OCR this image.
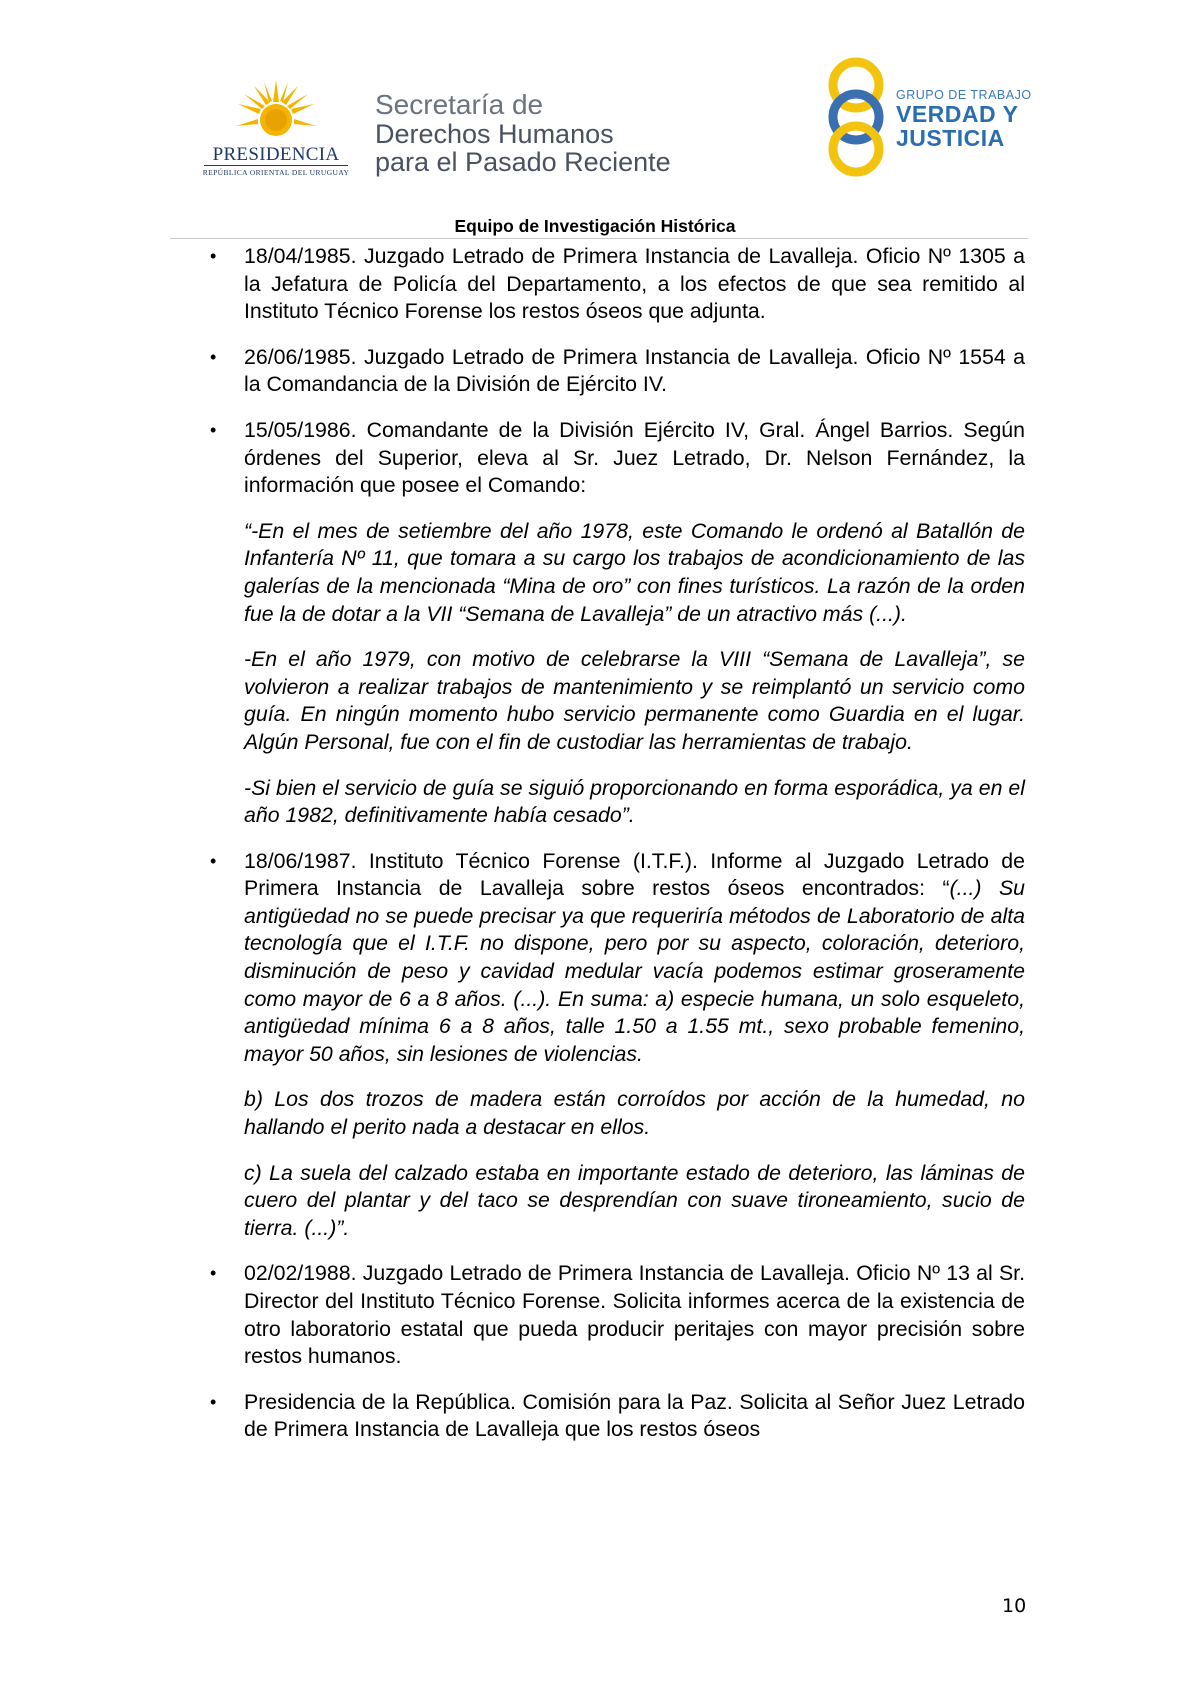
PRESIDENCIA
REPÚBLICA ORIENTAL DEL URUGUAY
Secretaría de
Derechos Humanos
para el Pasado Reciente
GRUPO DE TRABAJO
VERDAD Y
JUSTICIA
Equipo de Investigación Histórica
• 18/04/1985. Juzgado Letrado de Primera Instancia de Lavalleja. Oficio Nº 1305 a la Jefatura de Policía del Departamento, a los efectos de que sea remitido al Instituto Técnico Forense los restos óseos que adjunta.

• 26/06/1985. Juzgado Letrado de Primera Instancia de Lavalleja. Oficio Nº 1554 a la Comandancia de la División de Ejército IV.

• 15/05/1986. Comandante de la División Ejército IV, Gral. Ángel Barrios. Según órdenes del Superior, eleva al Sr. Juez Letrado, Dr. Nelson Fernández, la información que posee el Comando:

“-En el mes de setiembre del año 1978, este Comando le ordenó al Batallón de Infantería Nº 11, que tomara a su cargo los trabajos de acondicionamiento de las galerías de la mencionada “Mina de oro” con fines turísticos. La razón de la orden fue la de dotar a la VII “Semana de Lavalleja” de un atractivo más (...).

-En el año 1979, con motivo de celebrarse la VIII “Semana de Lavalleja”, se volvieron a realizar trabajos de mantenimiento y se reimplantó un servicio como guía. En ningún momento hubo servicio permanente como Guardia en el lugar. Algún Personal, fue con el fin de custodiar las herramientas de trabajo.

-Si bien el servicio de guía se siguió proporcionando en forma esporádica, ya en el año 1982, definitivamente había cesado”.

• 18/06/1987. Instituto Técnico Forense (I.T.F.). Informe al Juzgado Letrado de Primera Instancia de Lavalleja sobre restos óseos encontrados: “(...) Su antigüedad no se puede precisar ya que requeriría métodos de Laboratorio de alta tecnología que el I.T.F. no dispone, pero por su aspecto, coloración, deterioro, disminución de peso y cavidad medular vacía podemos estimar groseramente como mayor de 6 a 8 años. (...). En suma: a) especie humana, un solo esqueleto, antigüedad mínima 6 a 8 años, talle 1.50 a 1.55 mt., sexo probable femenino, mayor 50 años, sin lesiones de violencias.

b) Los dos trozos de madera están corroídos por acción de la humedad, no hallando el perito nada a destacar en ellos.

c) La suela del calzado estaba en importante estado de deterioro, las láminas de cuero del plantar y del taco se desprendían con suave tironeamiento, sucio de tierra. (...)”.

• 02/02/1988. Juzgado Letrado de Primera Instancia de Lavalleja. Oficio Nº 13 al Sr. Director del Instituto Técnico Forense. Solicita informes acerca de la existencia de otro laboratorio estatal que pueda producir peritajes con mayor precisión sobre restos humanos.

• Presidencia de la República. Comisión para la Paz. Solicita al Señor Juez Letrado de Primera Instancia de Lavalleja que los restos óseos

10
